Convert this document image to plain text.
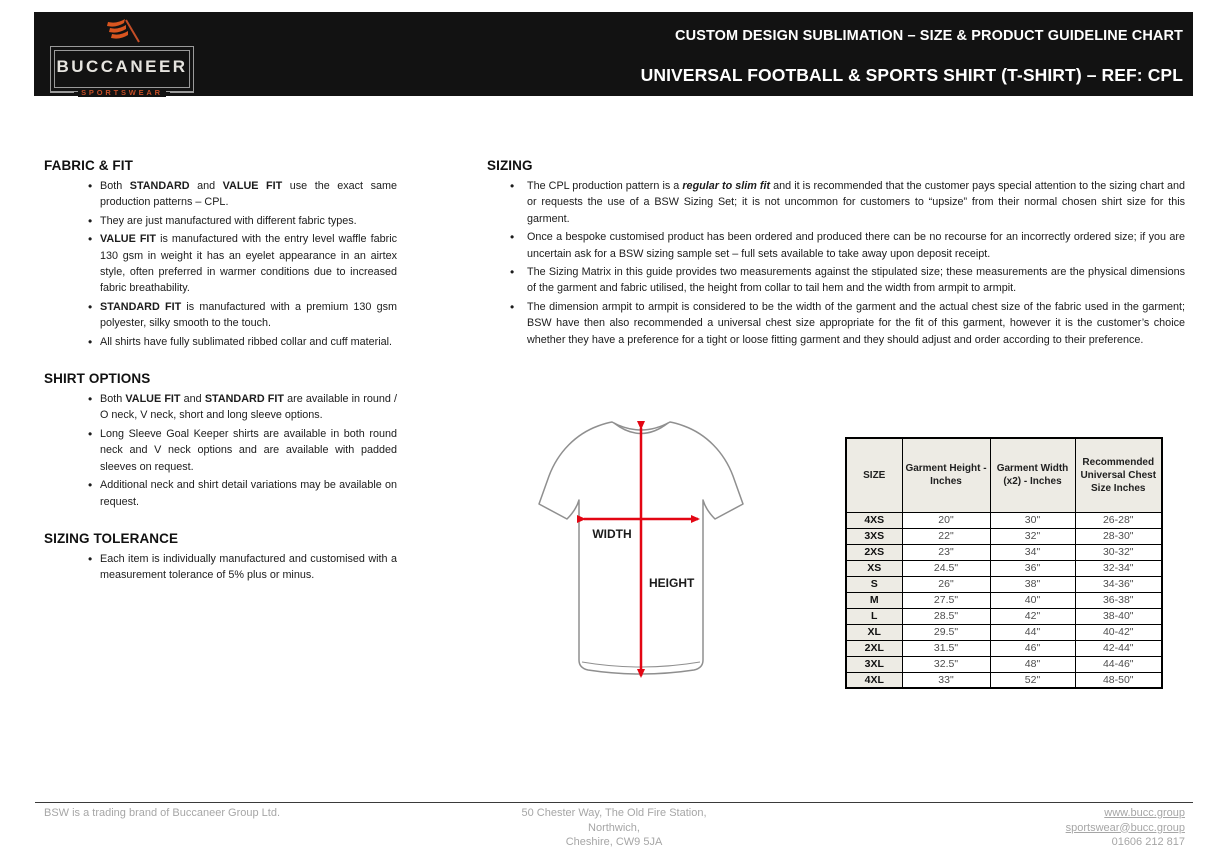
BUCCANEER
SPORTSWEAR
CUSTOM DESIGN SUBLIMATION – SIZE & PRODUCT GUIDELINE CHART
UNIVERSAL FOOTBALL & SPORTS SHIRT (T-SHIRT) – REF: CPL
FABRIC & FIT
• Both STANDARD and VALUE FIT use the exact same production patterns – CPL.
• They are just manufactured with different fabric types.
• VALUE FIT is manufactured with the entry level waffle fabric 130 gsm in weight it has an eyelet appearance in an airtex style, often preferred in warmer conditions due to increased fabric breathability.
• STANDARD FIT is manufactured with a premium 130 gsm polyester, silky smooth to the touch.
• All shirts have fully sublimated ribbed collar and cuff material.
SHIRT OPTIONS
• Both VALUE FIT and STANDARD FIT are available in round / O neck, V neck, short and long sleeve options.
• Long Sleeve Goal Keeper shirts are available in both round neck and V neck options and are available with padded sleeves on request.
• Additional neck and shirt detail variations may be available on request.
SIZING TOLERANCE
• Each item is individually manufactured and customised with a measurement tolerance of 5% plus or minus.
SIZING
• The CPL production pattern is a regular to slim fit and it is recommended that the customer pays special attention to the sizing chart and or requests the use of a BSW Sizing Set; it is not uncommon for customers to “upsize” from their normal chosen shirt size for this garment.
• Once a bespoke customised product has been ordered and produced there can be no recourse for an incorrectly ordered size; if you are uncertain ask for a BSW sizing sample set – full sets available to take away upon deposit receipt.
• The Sizing Matrix in this guide provides two measurements against the stipulated size; these measurements are the physical dimensions of the garment and fabric utilised, the height from collar to tail hem and the width from armpit to armpit.
• The dimension armpit to armpit is considered to be the width of the garment and the actual chest size of the fabric used in the garment; BSW have then also recommended a universal chest size appropriate for the fit of this garment, however it is the customer’s choice whether they have a preference for a tight or loose fitting garment and they should adjust and order according to their preference.
WIDTH
HEIGHT
SIZE	Garment Height - Inches	Garment Width (x2) - Inches	Recommended Universal Chest Size Inches
4XS	20"	30"	26-28"
3XS	22"	32"	28-30"
2XS	23"	34"	30-32"
XS	24.5"	36"	32-34"
S	26"	38"	34-36"
M	27.5"	40"	36-38"
L	28.5"	42"	38-40"
XL	29.5"	44"	40-42"
2XL	31.5"	46"	42-44"
3XL	32.5"	48"	44-46"
4XL	33"	52"	48-50"
BSW is a trading brand of Buccaneer Group Ltd.	50 Chester Way, The Old Fire Station,
Northwich,
Cheshire, CW9 5JA
www.bucc.group
sportswear@bucc.group
01606 212 817
